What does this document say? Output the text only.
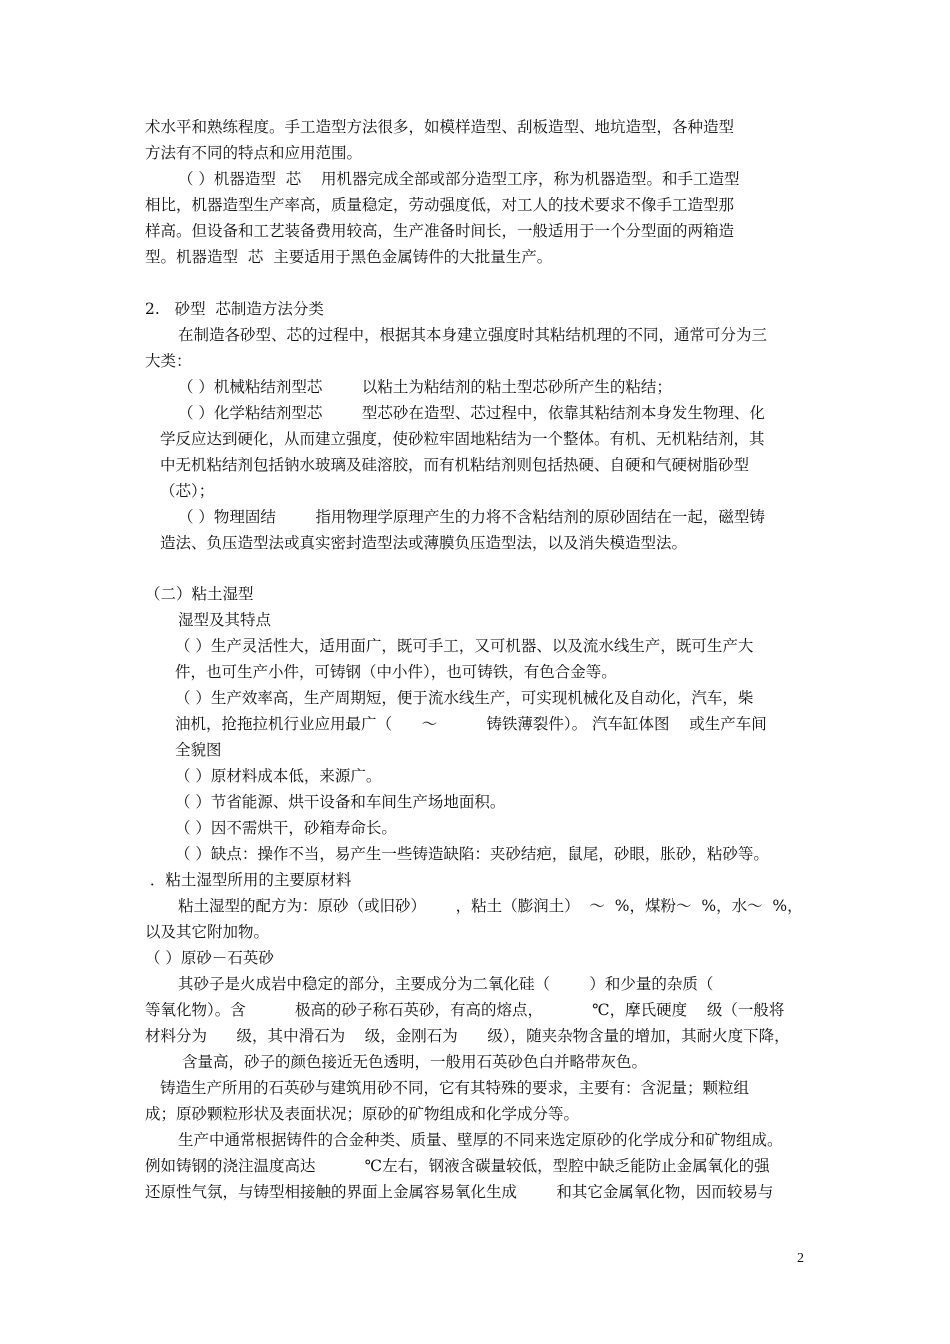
术水平和熟练程度。手工造型方法很多，如模样造型、刮板造型、地坑造型，各种造型
方法有不同的特点和应用范围。
（ ）机器造型  芯    用机器完成全部或部分造型工序，称为机器造型。和手工造型
相比，机器造型生产率高，质量稳定，劳动强度低，对工人的技术要求不像手工造型那
样高。但设备和工艺装备费用较高，生产准备时间长，一般适用于一个分型面的两箱造
型。机器造型  芯  主要适用于黑色金属铸件的大批量生产。
2.   砂型  芯制造方法分类
在制造各砂型、芯的过程中，根据其本身建立强度时其粘结机理的不同，通常可分为三
大类：
（ ）机械粘结剂型芯        以粘土为粘结剂的粘土型芯砂所产生的粘结；
（ ）化学粘结剂型芯        型芯砂在造型、芯过程中，依靠其粘结剂本身发生物理、化
学反应达到硬化，从而建立强度，使砂粒牢固地粘结为一个整体。有机、无机粘结剂，其
中无机粘结剂包括钠水玻璃及硅溶胶，而有机粘结剂则包括热硬、自硬和气硬树脂砂型
（芯）；
（ ）物理固结        指用物理学原理产生的力将不含粘结剂的原砂固结在一起，磁型铸
造法、负压造型法或真实密封造型法或薄膜负压造型法，以及消失模造型法。
（二）粘土湿型
湿型及其特点
（ ）生产灵活性大，适用面广，既可手工，又可机器、以及流水线生产，既可生产大
件，也可生产小件，可铸钢（中小件），也可铸铁，有色合金等。
（ ）生产效率高，生产周期短，便于流水线生产，可实现机械化及自动化，汽车，柴
油机，抢拖拉机行业应用最广（      ～          铸铁薄裂件）。 汽车缸体图    或生产车间
全貌图
（ ）原材料成本低，来源广。
（ ）节省能源、烘干设备和车间生产场地面积。
（ ）因不需烘干，砂箱寿命长。
（ ）缺点：操作不当，易产生一些铸造缺陷：夹砂结疤，鼠尾，砂眼，胀砂，粘砂等。
．粘土湿型所用的主要原材料
粘土湿型的配方为：原砂（或旧砂）      ，粘土（膨润土）  ～  %，煤粉～  %，水～  %，
以及其它附加物。
（ ）原砂－石英砂
其砂子是火成岩中稳定的部分，主要成分为二氧化硅（        ）和少量的杂质（
等氧化物）。含          极高的砂子称石英砂，有高的熔点，          ℃，摩氏硬度    级（一般将
材料分为      级，其中滑石为    级，金刚石为      级），随夹杂物含量的增加，其耐火度下降，
含量高，砂子的颜色接近无色透明，一般用石英砂色白并略带灰色。
铸造生产所用的石英砂与建筑用砂不同，它有其特殊的要求，主要有：含泥量；颗粒组
成；原砂颗粒形状及表面状况；原砂的矿物组成和化学成分等。
生产中通常根据铸件的合金种类、质量、壁厚的不同来选定原砂的化学成分和矿物组成。
例如铸钢的浇注温度高达          ℃左右，钢液含碳量较低，型腔中缺乏能防止金属氧化的强
还原性气氛，与铸型相接触的界面上金属容易氧化生成        和其它金属氧化物，因而较易与
2
